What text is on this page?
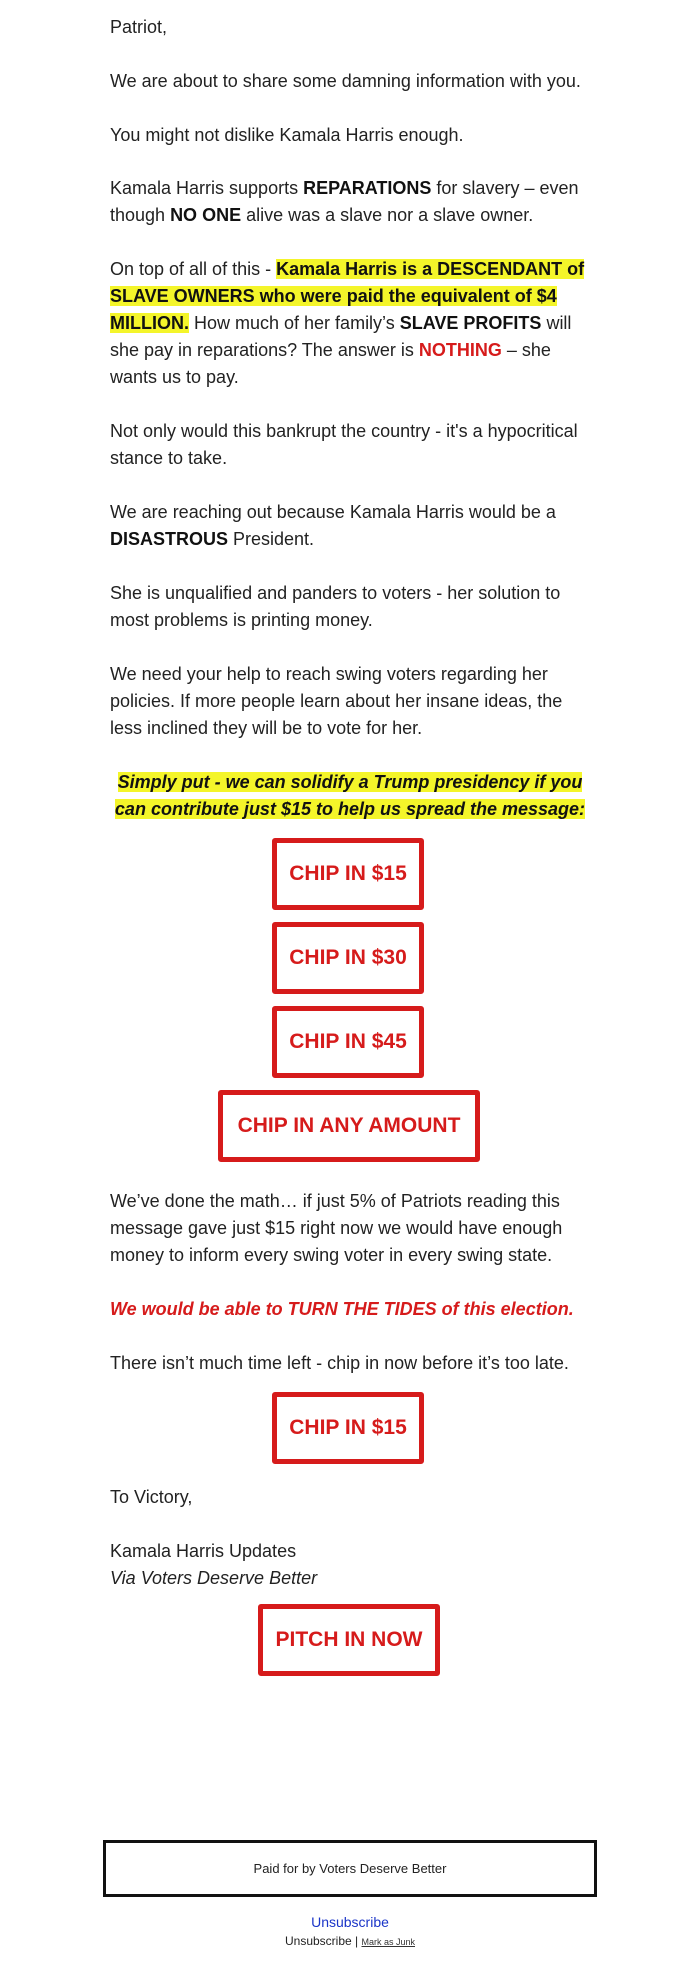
Patriot,

We are about to share some damning information with you.

You might not dislike Kamala Harris enough.

Kamala Harris supports REPARATIONS for slavery – even though NO ONE alive was a slave nor a slave owner.

On top of all of this - Kamala Harris is a DESCENDANT of SLAVE OWNERS who were paid the equivalent of $4 MILLION. How much of her family’s SLAVE PROFITS will she pay in reparations? The answer is NOTHING – she wants us to pay.

Not only would this bankrupt the country - it's a hypocritical stance to take.

We are reaching out because Kamala Harris would be a DISASTROUS President.

She is unqualified and panders to voters - her solution to most problems is printing money.

We need your help to reach swing voters regarding her policies. If more people learn about her insane ideas, the less inclined they will be to vote for her.

Simply put - we can solidify a Trump presidency if you
can contribute just $15 to help us spread the message:

We’ve done the math… if just 5% of Patriots reading this message gave just $15 right now we would have enough money to inform every swing voter in every swing state.

We would be able to TURN THE TIDES of this election.

There isn’t much time left - chip in now before it’s too late.

To Victory,

Kamala Harris Updates

Via Voters Deserve Better

CHIP IN $15
CHIP IN $30
CHIP IN $45
CHIP IN ANY AMOUNT
CHIP IN $15
PITCH IN NOW
Paid for by Voters Deserve Better
Unsubscribe
Unsubscribe | Mark as Junk
